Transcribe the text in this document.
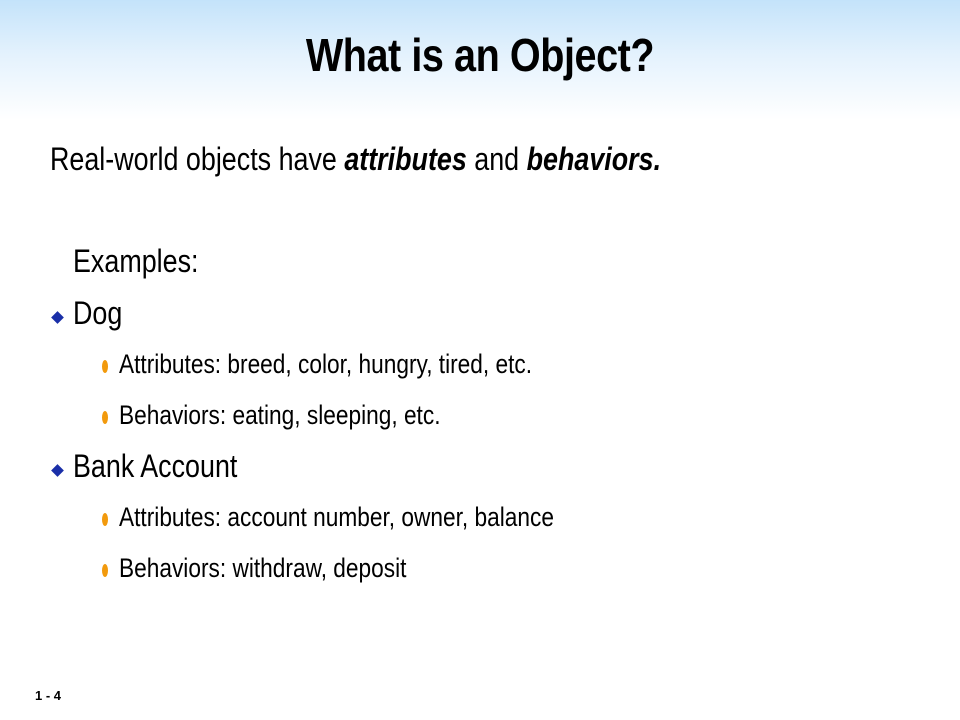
What is an Object?
Real-world objects have attributes and behaviors.
Examples:
Dog
Attributes: breed, color, hungry, tired, etc.
Behaviors: eating, sleeping, etc.
Bank Account
Attributes: account number, owner, balance
Behaviors: withdraw, deposit
1 - 4
